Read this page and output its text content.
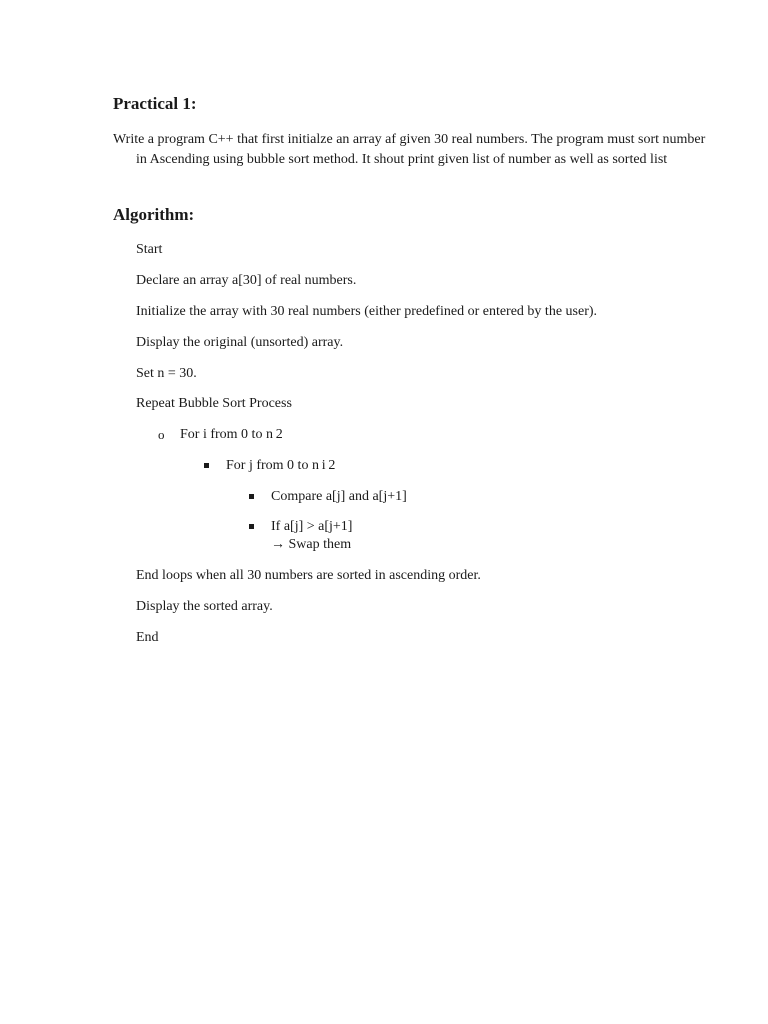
Practical 1:

Write a program C++ that first initialze an array af given 30 real numbers. The program must sort number in Ascending using bubble sort method. It shout print given list of number as well as sorted list

Algorithm:

Start

Declare an array a[30] of real numbers.

Initialize the array with 30 real numbers (either predefined or entered by the user).

Display the original (unsorted) array.

Set n = 30.

Repeat Bubble Sort Process

o For i from 0 to n 2
For j from 0 to n i 2
Compare a[j] and a[j+1]
If a[j] > a[j+1]
→ Swap them

End loops when all 30 numbers are sorted in ascending order.

Display the sorted array.

End
